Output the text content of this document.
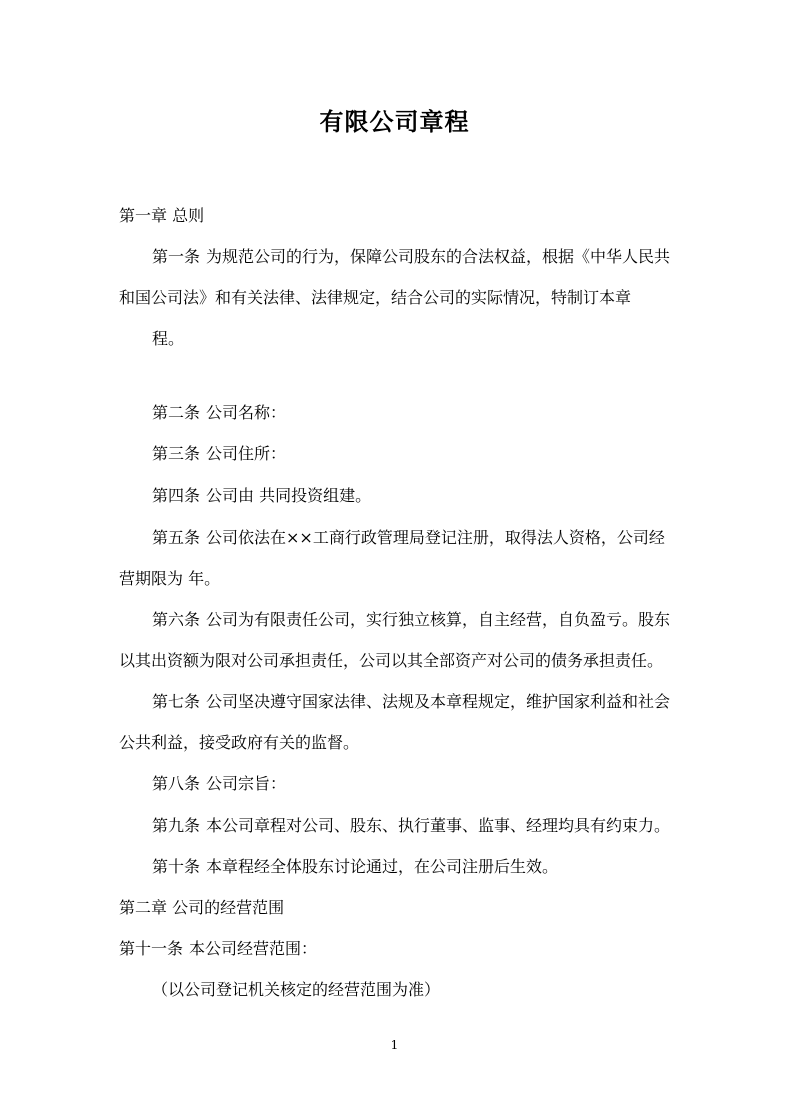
有限公司章程
第一章 总则
第一条 为规范公司的行为，保障公司股东的合法权益，根据《中华人民共
和国公司法》和有关法律、法律规定，结合公司的实际情况，特制订本章
程。
第二条 公司名称：
第三条 公司住所：
第四条 公司由 共同投资组建。
第五条 公司依法在××工商行政管理局登记注册，取得法人资格，公司经
营期限为 年。
第六条 公司为有限责任公司，实行独立核算，自主经营，自负盈亏。股东
以其出资额为限对公司承担责任，公司以其全部资产对公司的债务承担责任。
第七条 公司坚决遵守国家法律、法规及本章程规定，维护国家利益和社会
公共利益，接受政府有关的监督。
第八条 公司宗旨：
第九条 本公司章程对公司、股东、执行董事、监事、经理均具有约束力。
第十条 本章程经全体股东讨论通过，在公司注册后生效。
第二章 公司的经营范围
第十一条 本公司经营范围：
（以公司登记机关核定的经营范围为准）
1
